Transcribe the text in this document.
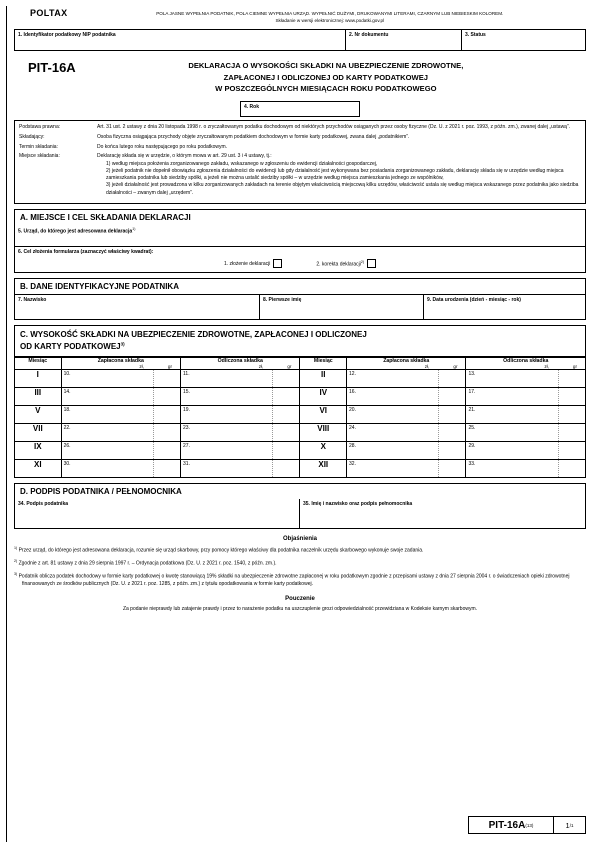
POLTAX	POLA JASNE WYPEŁNIA PODATNIK, POLA CIEMNE WYPEŁNIA URZĄD. WYPEŁNIĆ DUŻYMI, DRUKOWANYMI LITERAMI, CZARNYM LUB NIEBIESKIM KOLOREM.
Składanie w wersji elektronicznej: www.podatki.gov.pl
1. Identyfikator podatkowy NIP podatnika	2. Nr dokumentu	3. Status
PIT-16A	DEKLARACJA O WYSOKOŚCI SKŁADKI NA UBEZPIECZENIE ZDROWOTNE,
ZAPŁACONEJ I ODLICZONEJ OD KARTY PODATKOWEJ
W POSZCZEGÓLNYCH MIESIĄCACH ROKU PODATKOWEGO
4. Rok
Podstawa prawna:	Art. 31 ust. 2 ustawy z dnia 20 listopada 1998 r. o zryczałtowanym podatku dochodowym od niektórych przychodów osiąganych przez osoby fizyczne (Dz. U. z 2021 r. poz. 1993, z późn. zm.), zwanej dalej „ustawą”.
Składający:	Osoba fizyczna osiągająca przychody objęte zryczałtowanym podatkiem dochodowym w formie karty podatkowej, zwana dalej „podatnikiem”.
Termin składania:	Do końca lutego roku następującego po roku podatkowym.
Miejsce składania:	Deklarację składa się w urzędzie, o którym mowa w art. 29 ust. 3 i 4 ustawy, tj.:
1) według miejsca położenia zorganizowanego zakładu, wskazanego w zgłoszeniu do ewidencji działalności gospodarczej,
2) jeżeli podatnik nie dopełnił obowiązku zgłoszenia działalności do ewidencji lub gdy działalność jest wykonywana bez posiadania zorganizowanego zakładu, deklarację składa się w urzędzie według miejsca zamieszkania podatnika lub siedziby spółki, a jeżeli nie można ustalić siedziby spółki – w urzędzie według miejsca zamieszkania jednego ze wspólników,
3) jeżeli działalność jest prowadzona w kilku zorganizowanych zakładach na terenie objętym właściwością miejscową kilku urzędów, właściwość ustala się według miejsca wskazanego przez podatnika jako siedziba działalności – zwanym dalej „urzędem”.
A. MIEJSCE I CEL SKŁADANIA DEKLARACJI
5. Urząd, do którego jest adresowana deklaracja$^{1)}$
6. Cel złożenia formularza (zaznaczyć właściwy kwadrat):
1. złożenie deklaracji	2. korekta deklaracji$^{2)}$
B. DANE IDENTYFIKACYJNE PODATNIKA
7. Nazwisko	8. Pierwsze imię	9. Data urodzenia (dzień - miesiąc - rok)
C. WYSOKOŚĆ SKŁADKI NA UBEZPIECZENIE ZDROWOTNE, ZAPŁACONEJ I ODLICZONEJ
OD KARTY PODATKOWEJ$^{3)}$
Miesiąc	Zapłacona składka
zł,	gr

Odliczona składka
zł,	gr
	Miesiąc	Zapłacona składka
zł,	gr

Odliczona składka
zł,	gr

I	10.	11.	II	12.	13.

III	14.	15.	IV	16.	17.

V	18.	19.	VI	20.	21.

VII	22.	23.	VIII	24.	25.

IX	26.	27.	X	28.	29.

XI	30.	31.	XII	32.	33.
D. PODPIS PODATNIKA / PEŁNOMOCNIKA
34. Podpis podatnika	35. Imię i nazwisko oraz podpis pełnomocnika
Objaśnienia
$^{1)}$ Przez urząd, do którego jest adresowana deklaracja, rozumie się urząd skarbowy, przy pomocy którego właściwy dla podatnika naczelnik urzędu skarbowego wykonuje swoje zadania.
$^{2)}$ Zgodnie z art. 81 ustawy z dnia 29 sierpnia 1997 r. – Ordynacja podatkowa (Dz. U. z 2021 r. poz. 1540, z późn. zm.).
$^{3)}$ Podatnik oblicza podatek dochodowy w formie karty podatkowej o kwotę stanowiącą 19% składki na ubezpieczenie zdrowotne zapłaconej w roku podatkowym zgodnie z przepisami ustawy z dnia 27 sierpnia 2004 r. o świadczeniach opieki zdrowotnej finansowanych ze środków publicznych (Dz. U. z 2021 r. poz. 1285, z późn. zm.) z tytułu opodatkowania w formie karty podatkowej.
Pouczenie
Za podanie nieprawdy lub zatajenie prawdy i przez to narażenie podatku na uszczuplenie grozi odpowiedzialność przewidziana w Kodeksie karnym skarbowym.
PIT-16A (13)	1 /1
